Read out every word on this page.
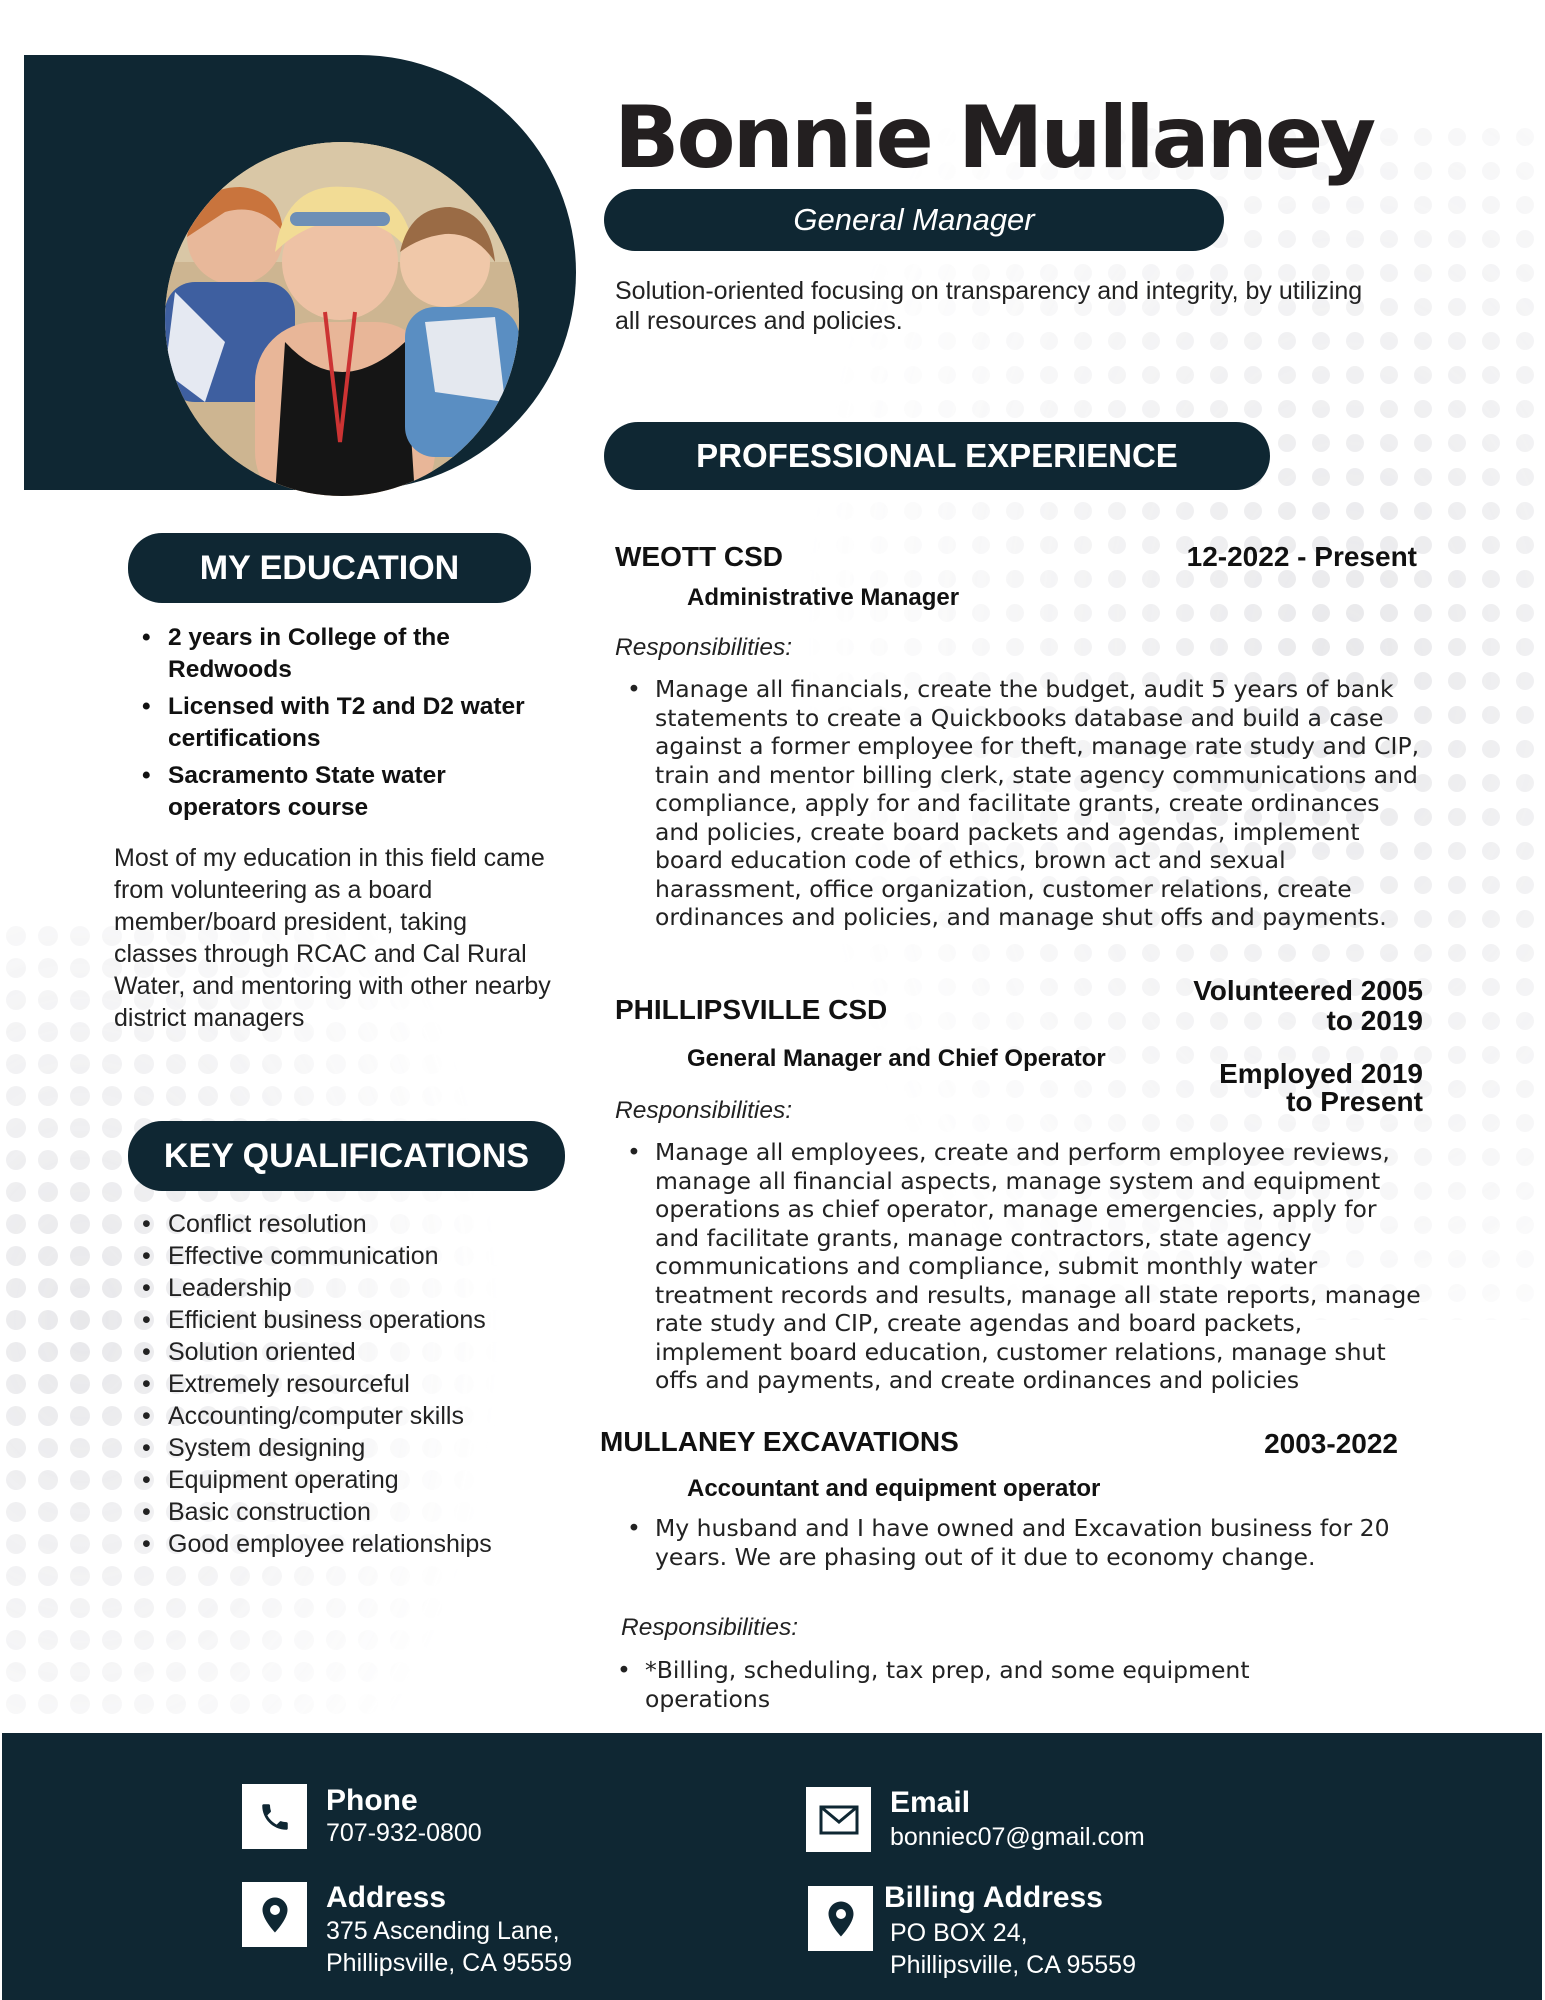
Bonnie Mullaney
General Manager
Solution-oriented focusing on transparency and integrity, by utilizing all resources and policies.
PROFESSIONAL EXPERIENCE
MY EDUCATION
• 2 years in College of the Redwoods
• Licensed with T2 and D2 water certifications
• Sacramento State water operators course
Most of my education in this field came from volunteering as a board member/board president, taking classes through RCAC and Cal Rural Water, and mentoring with other nearby district managers
KEY QUALIFICATIONS
• Conflict resolution
• Effective communication
• Leadership
• Efficient business operations
• Solution oriented
• Extremely resourceful
• Accounting/computer skills
• System designing
• Equipment operating
• Basic construction
• Good employee relationships
WEOTT CSD	12-2022 - Present
Administrative Manager
Responsibilities:
• Manage all financials, create the budget, audit 5 years of bank statements to create a Quickbooks database and build a case against a former employee for theft, manage rate study and CIP, train and mentor billing clerk, state agency communications and compliance, apply for and facilitate grants, create ordinances and policies, create board packets and agendas, implement board education code of ethics, brown act and sexual harassment, office organization, customer relations, create ordinances and policies, and manage shut offs and payments.
PHILLIPSVILLE CSD
Volunteered 2005 to 2019
Employed 2019 to Present
General Manager and Chief Operator
Responsibilities:
• Manage all employees, create and perform employee reviews, manage all financial aspects, manage system and equipment operations as chief operator, manage emergencies, apply for and facilitate grants, manage contractors, state agency communications and compliance, submit monthly water treatment records and results, manage all state reports, manage rate study and CIP, create agendas and board packets, implement board education, customer relations, manage shut offs and payments, and create ordinances and policies
MULLANEY EXCAVATIONS	2003-2022
Accountant and equipment operator
• My husband and I have owned and Excavation business for 20 years. We are phasing out of it due to economy change.
Responsibilities:
• *Billing, scheduling, tax prep, and some equipment operations
Phone
707-932-0800
Email
bonniec07@gmail.com
Address
375 Ascending Lane,
Phillipsville, CA 95559
Billing Address
PO BOX 24,
Phillipsville, CA 95559
